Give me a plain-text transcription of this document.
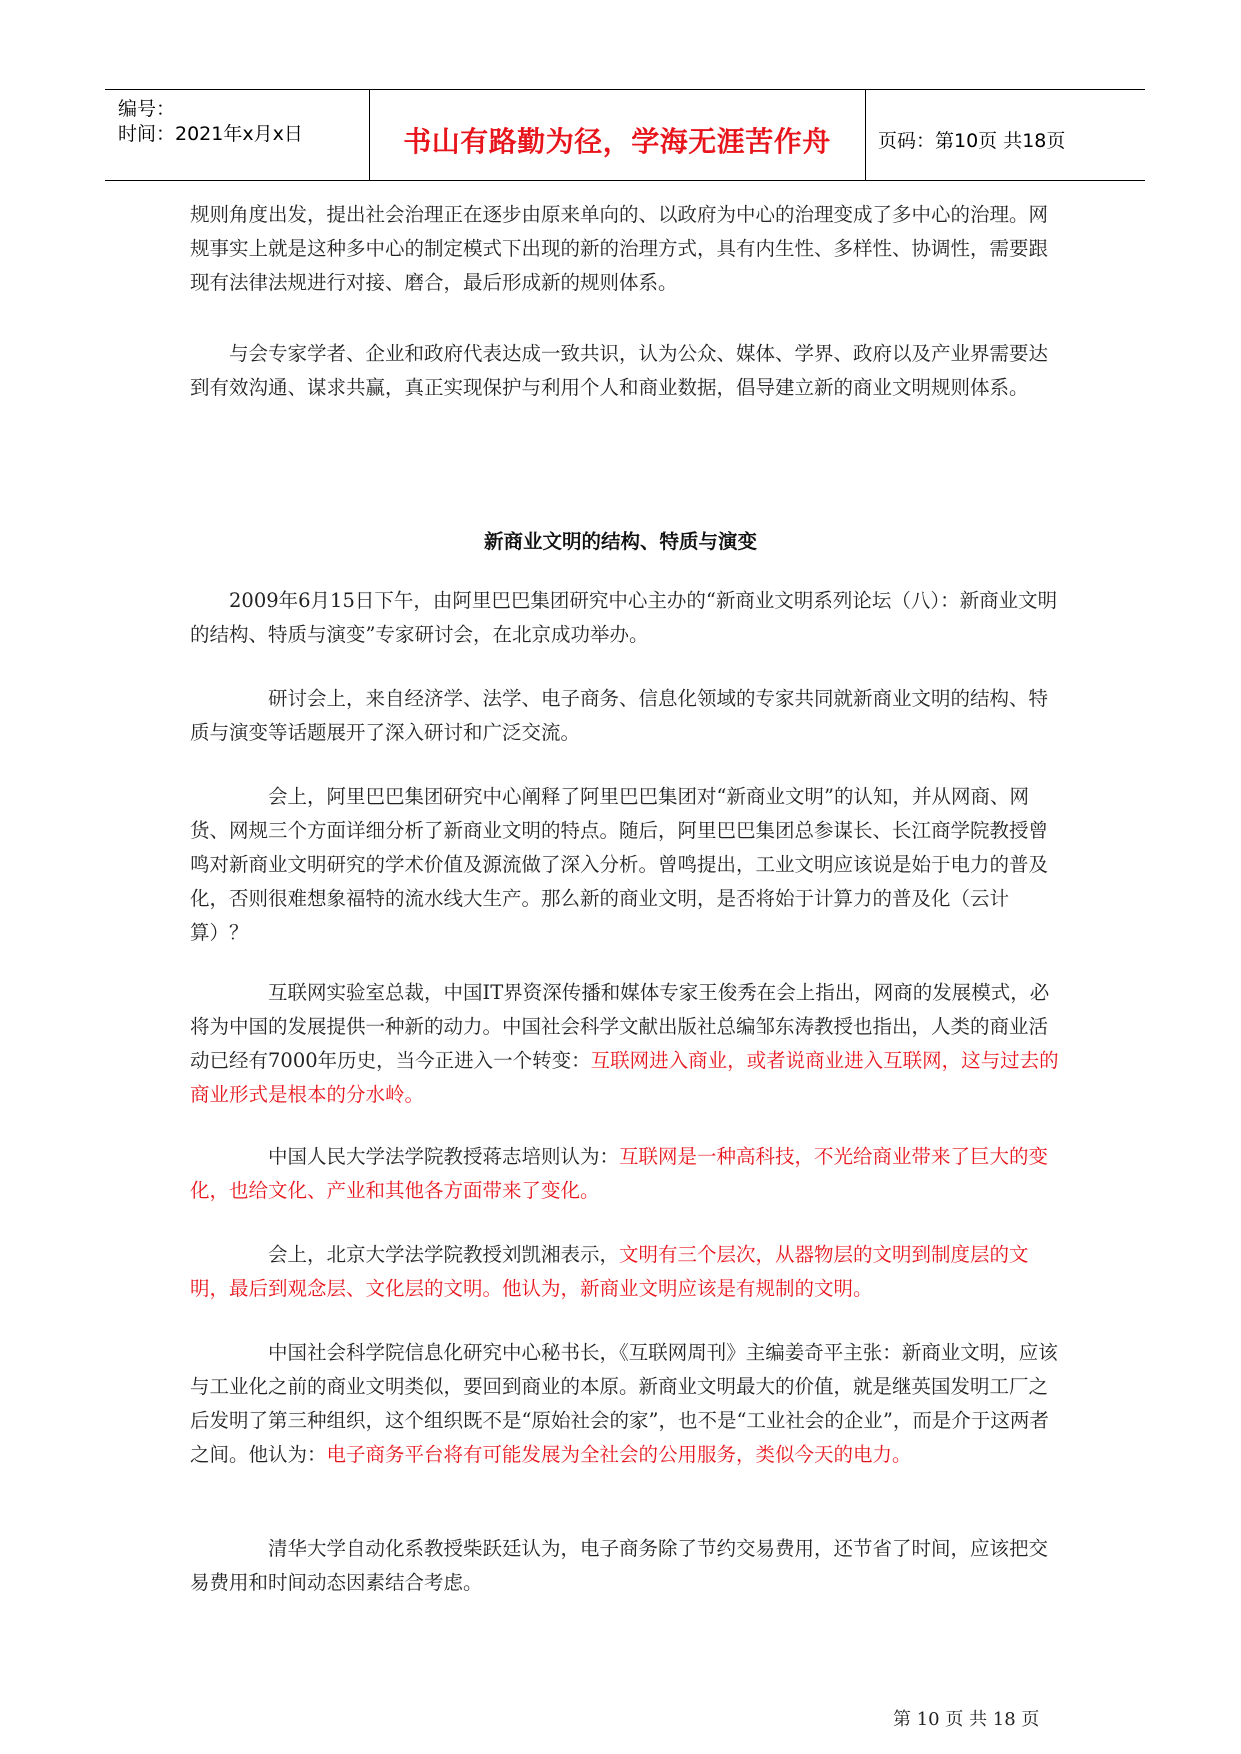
编号：
时间：2021年x月x日	书山有路勤为径，学海无涯苦作舟	页码：第10页 共18页

规则角度出发，提出社会治理正在逐步由原来单向的、以政府为中心的治理变成了多中心的治理。网规事实上就是这种多中心的制定模式下出现的新的治理方式，具有内生性、多样性、协调性，需要跟现有法律法规进行对接、磨合，最后形成新的规则体系。

与会专家学者、企业和政府代表达成一致共识，认为公众、媒体、学界、政府以及产业界需要达到有效沟通、谋求共赢，真正实现保护与利用个人和商业数据，倡导建立新的商业文明规则体系。

新商业文明的结构、特质与演变

2009年6月15日下午，由阿里巴巴集团研究中心主办的“新商业文明系列论坛（八）：新商业文明的结构、特质与演变”专家研讨会，在北京成功举办。

研讨会上，来自经济学、法学、电子商务、信息化领域的专家共同就新商业文明的结构、特质与演变等话题展开了深入研讨和广泛交流。

会上，阿里巴巴集团研究中心阐释了阿里巴巴集团对“新商业文明”的认知，并从网商、网货、网规三个方面详细分析了新商业文明的特点。随后，阿里巴巴集团总参谋长、长江商学院教授曾鸣对新商业文明研究的学术价值及源流做了深入分析。曾鸣提出，工业文明应该说是始于电力的普及化，否则很难想象福特的流水线大生产。那么新的商业文明，是否将始于计算力的普及化（云计算）？

互联网实验室总裁，中国IT界资深传播和媒体专家王俊秀在会上指出，网商的发展模式，必将为中国的发展提供一种新的动力。中国社会科学文献出版社总编邹东涛教授也指出，人类的商业活动已经有7000年历史，当今正进入一个转变：互联网进入商业，或者说商业进入互联网，这与过去的商业形式是根本的分水岭。

中国人民大学法学院教授蒋志培则认为：互联网是一种高科技，不光给商业带来了巨大的变化，也给文化、产业和其他各方面带来了变化。

会上，北京大学法学院教授刘凯湘表示，文明有三个层次，从器物层的文明到制度层的文明，最后到观念层、文化层的文明。他认为，新商业文明应该是有规制的文明。

中国社会科学院信息化研究中心秘书长，《互联网周刊》主编姜奇平主张：新商业文明，应该与工业化之前的商业文明类似，要回到商业的本原。新商业文明最大的价值，就是继英国发明工厂之后发明了第三种组织，这个组织既不是“原始社会的家”，也不是“工业社会的企业”，而是介于这两者之间。他认为：电子商务平台将有可能发展为全社会的公用服务，类似今天的电力。

清华大学自动化系教授柴跃廷认为，电子商务除了节约交易费用，还节省了时间，应该把交易费用和时间动态因素结合考虑。

第 10 页 共 18 页
